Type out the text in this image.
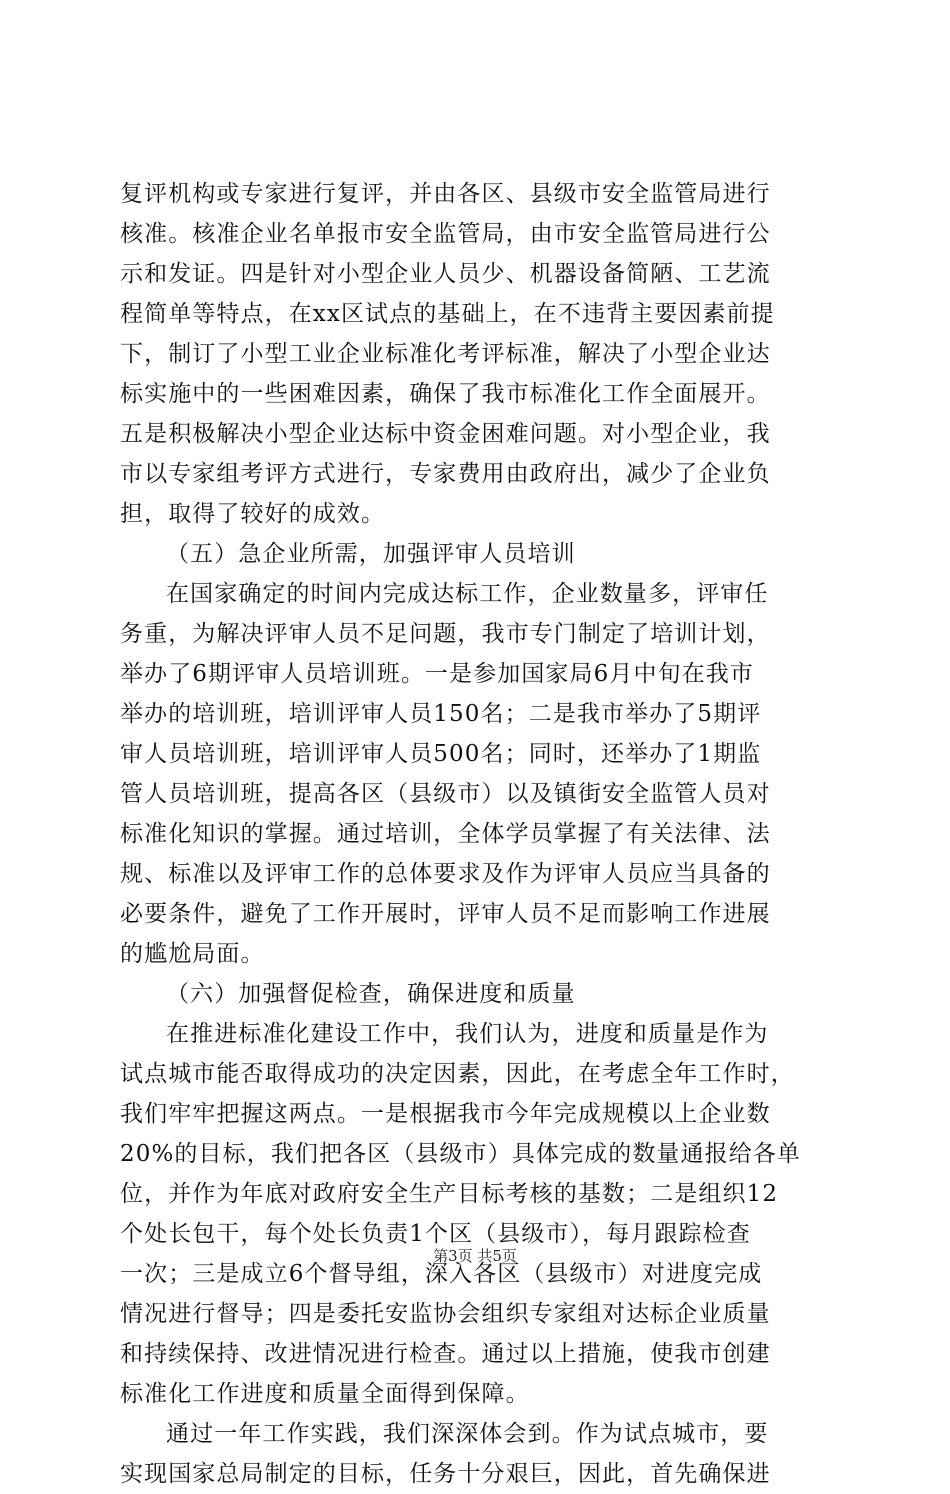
复评机构或专家进行复评，并由各区、县级市安全监管局进行
核准。核准企业名单报市安全监管局，由市安全监管局进行公
示和发证。四是针对小型企业人员少、机器设备简陋、工艺流
程简单等特点，在xx区试点的基础上，在不违背主要因素前提
下，制订了小型工业企业标准化考评标准，解决了小型企业达
标实施中的一些困难因素，确保了我市标准化工作全面展开。
五是积极解决小型企业达标中资金困难问题。对小型企业，我
市以专家组考评方式进行，专家费用由政府出，减少了企业负
担，取得了较好的成效。
（五）急企业所需，加强评审人员培训
在国家确定的时间内完成达标工作，企业数量多，评审任
务重，为解决评审人员不足问题，我市专门制定了培训计划，
举办了6期评审人员培训班。一是参加国家局6月中旬在我市
举办的培训班，培训评审人员150名；二是我市举办了5期评
审人员培训班，培训评审人员500名；同时，还举办了1期监
管人员培训班，提高各区（县级市）以及镇街安全监管人员对
标准化知识的掌握。通过培训，全体学员掌握了有关法律、法
规、标准以及评审工作的总体要求及作为评审人员应当具备的
必要条件，避免了工作开展时，评审人员不足而影响工作进展
的尴尬局面。
（六）加强督促检查，确保进度和质量
在推进标准化建设工作中，我们认为，进度和质量是作为
试点城市能否取得成功的决定因素，因此，在考虑全年工作时，
我们牢牢把握这两点。一是根据我市今年完成规模以上企业数
20%的目标，我们把各区（县级市）具体完成的数量通报给各单
位，并作为年底对政府安全生产目标考核的基数；二是组织12
个处长包干，每个处长负责1个区（县级市），每月跟踪检查
一次；三是成立6个督导组，深入各区（县级市）对进度完成
情况进行督导；四是委托安监协会组织专家组对达标企业质量
和持续保持、改进情况进行检查。通过以上措施，使我市创建
标准化工作进度和质量全面得到保障。
通过一年工作实践，我们深深体会到。作为试点城市，要
实现国家总局制定的目标，任务十分艰巨，因此，首先确保进
第3页 共5页
